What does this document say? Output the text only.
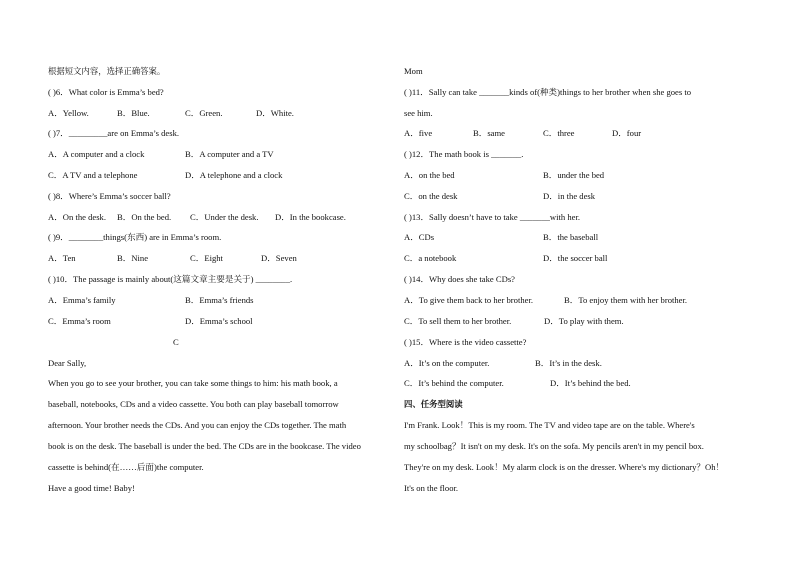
根据短文内容，选择正确答案。
( )6．What color is Emma’s bed?
A．Yellow.	B．Blue.	C．Green.	D．White.
( )7．_________are on Emma’s desk.
A．A computer and a clock	B．A computer and a TV
C．A TV and a telephone	D．A telephone and a clock
( )8．Where’s Emma’s soccer ball?
A．On the desk. B．On the bed. C．Under the desk. D．In the bookcase.
( )9．________things(东西) are in Emma’s room.
A．Ten	B．Nine	C．Eight	D．Seven
( )10．The passage is mainly about(这篇文章主要是关于) ________.
A．Emma’s family	B．Emma’s friends
C．Emma’s room	D．Emma’s school
C
Dear Sally,
When you go to see your brother, you can take some things to him: his math book, a
baseball, notebooks, CDs and a video cassette. You both can play baseball tomorrow
afternoon. Your brother needs the CDs. And you can enjoy the CDs together. The math
book is on the desk. The baseball is under the bed. The CDs are in the bookcase. The video
cassette is behind(在……后面)the computer.
Have a good time! Baby!
Mom
( )11．Sally can take _______kinds of(种类)things to her brother when she goes to
see him.
A．five	B．same	C．three	D．four
( )12．The math book is _______.
A．on the bed	B．under the bed
C．on the desk	D．in the desk
( )13．Sally doesn’t have to take _______with her.
A．CDs	B．the baseball
C．a notebook	D．the soccer ball
( )14．Why does she take CDs?
A．To give them back to her brother.	B．To enjoy them with her brother.
C．To sell them to her brother.	D．To play with them.
( )15．Where is the video cassette?
A．It’s on the computer.	B．It’s in the desk.
C．It’s behind the computer.	D．It’s behind the bed.
四、任务型阅读
I'm Frank. Look！This is my room. The TV and video tape are on the table. Where's
my schoolbag？It isn't on my desk. It's on the sofa. My pencils aren't in my pencil box.
They're on my desk. Look！My alarm clock is on the dresser. Where's my dictionary？Oh！
It's on the floor.
